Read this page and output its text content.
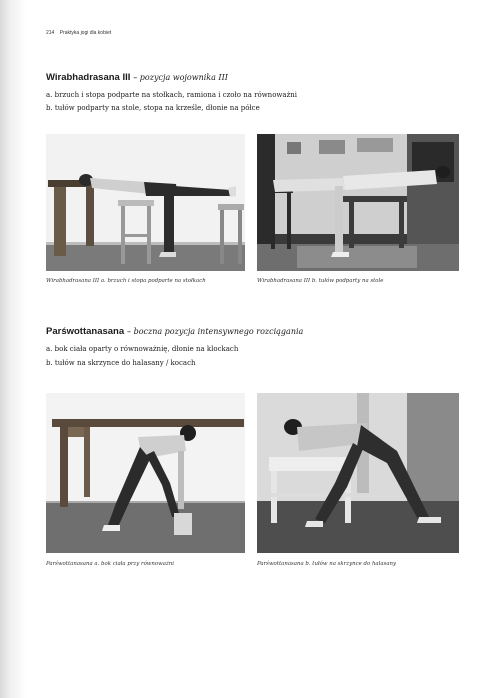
214 Praktyka jogi dla kobiet
Wirabhadrasana III – pozycja wojownika III
a. brzuch i stopa podparte na stołkach, ramiona i czoło na równoważni
b. tułów podparty na stole, stopa na krześle, dłonie na półce
Wirabhadrasana III a. brzuch i stopa podparte na stołkach	Wirabhadrasana III b. tułów podparty na stole
Parśwottanasana – boczna pozycja intensywnego rozciągania
a. bok ciała oparty o równoważnię, dłonie na klockach
b. tułów na skrzynce do halasany / kocach
Parśwottanasana a. bok ciała przy równoważni	Parśwottanasana b. tułów na skrzynce do halasany
